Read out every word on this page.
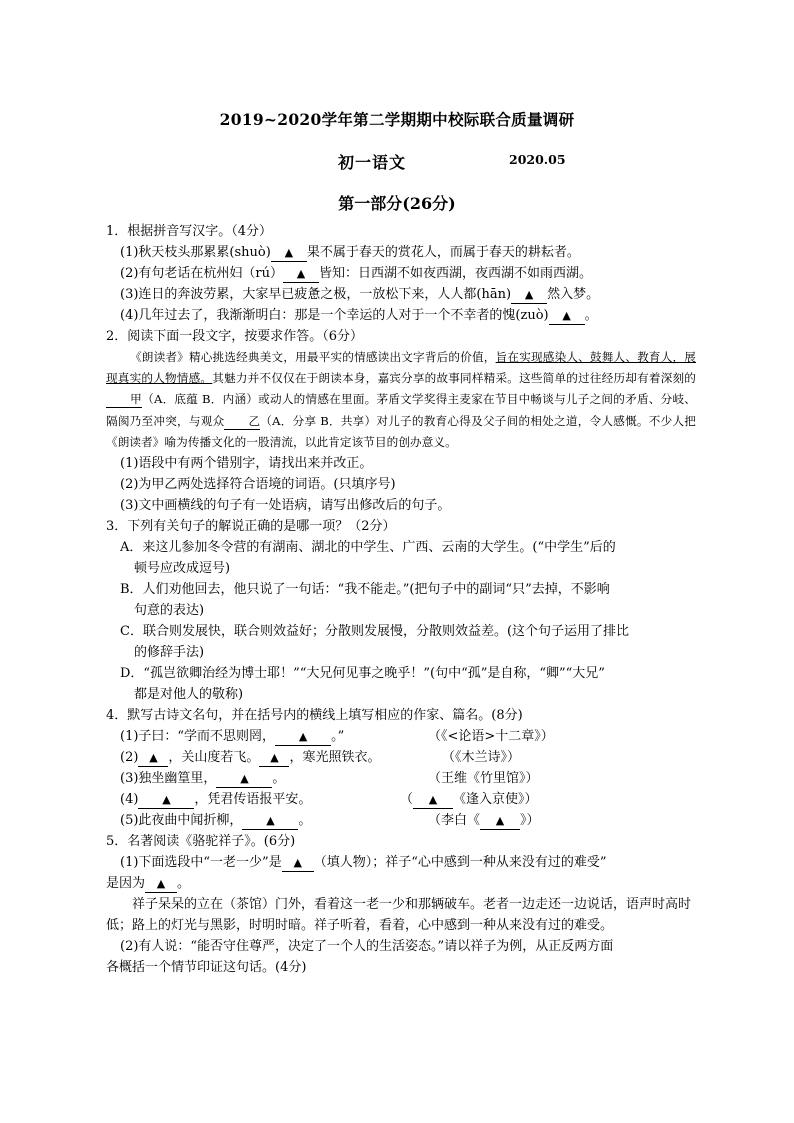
2019~2020学年第二学期期中校际联合质量调研
初一语文	2020.05
第一部分(26分)
1．根据拼音写汉字。（4分）
(1)秋天枝头那累累(shuò) ▲ 果不属于春天的赏花人，而属于春天的耕耘者。
(2)有句老话在杭州妇（rú） ▲ 皆知：日西湖不如夜西湖，夜西湖不如雨西湖。
(3)连日的奔波劳累，大家早已疲惫之极，一放松下来，人人都(hān) ▲ 然入梦。
(4)几年过去了，我渐渐明白：那是一个幸运的人对于一个不幸者的愧(zuò) ▲ 。
2．阅读下面一段文字，按要求作答。（6分）
《朗读者》精心挑选经典美文，用最平实的情感读出文字背后的价值，旨在实现感染人、鼓舞人、教育人，展现真实的人物情感。其魅力并不仅仅在于朗读本身，嘉宾分享的故事同样精采。这些简单的过往经历却有着深刻的甲（A．底蕴 B．内涵）或动人的情感在里面。茅盾文学奖得主麦家在节目中畅谈与儿子之间的矛盾、分岐、隔阂乃至冲突，与观众 乙（A．分享 B．共享）对儿子的教育心得及父子间的相处之道，令人感慨。不少人把《朗读者》喻为传播文化的一股清流，以此肯定该节目的创办意义。
(1)语段中有两个错别字，请找出来并改正。
(2)为甲乙两处选择符合语境的词语。(只填序号)
(3)文中画横线的句子有一处语病，请写出修改后的句子。
3．下列有关句子的解说正确的是哪一项？（2分）
A．来这儿参加冬令营的有湖南、湖北的中学生、广西、云南的大学生。(“中学生”后的
顿号应改成逗号)
B．人们劝他回去，他只说了一句话：“我不能走。”(把句子中的副词“只”去掉，不影响
句意的表达)
C．联合则发展快，联合则效益好；分散则发展慢，分散则效益差。(这个句子运用了排比
的修辞手法)
D．“孤岂欲卿治经为博士耶！”“大兄何见事之晚乎！”(句中“孤”是自称，“卿”“大兄”
都是对他人的敬称)
4．默写古诗文名句，并在括号内的横线上填写相应的作家、篇名。(8分)
(1)子曰：“学而不思则罔， ▲ 。”	（《<论语>十二章》）
(2) ▲ ，关山度若飞。 ▲ ，寒光照铁衣。	（《木兰诗》）
(3)独坐幽篁里， ▲ 。	（王维《竹里馆》）
(4) ▲ ，凭君传语报平安。	（ ▲ 《逢入京使》）
(5)此夜曲中闻折柳， ▲ 。	（李白《 ▲ 》）
5．名著阅读《骆驼祥子》。(6分)
(1)下面选段中“一老一少”是 ▲ （填人物）；祥子“心中感到一种从来没有过的难受”
是因为 ▲ 。
祥子呆呆的立在（茶馆）门外，看着这一老一少和那辆破车。老者一边走还一边说话，语声时高时低；路上的灯光与黑影，时明时暗。祥子听着，看着，心中感到一种从来没有过的难受。
(2)有人说：“能否守住尊严，决定了一个人的生活姿态。”请以祥子为例，从正反两方面
各概括一个情节印证这句话。(4分)
